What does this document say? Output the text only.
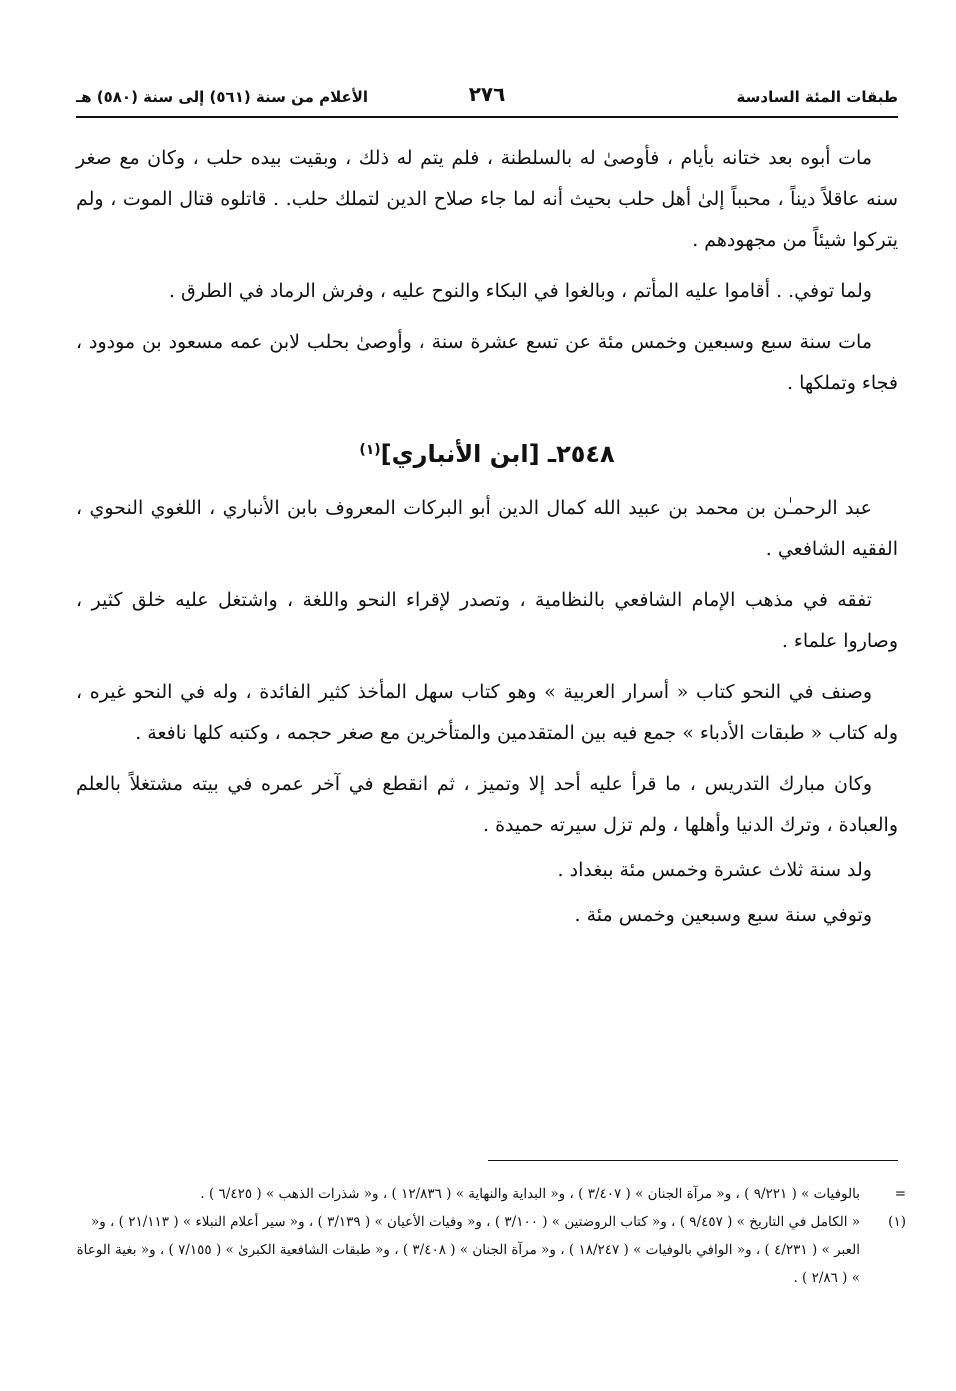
طبقات المئة السادسة
٢٧٦
الأعلام من سنة (٥٦١) إلى سنة (٥٨٠) هـ

مات أبوه بعد ختانه بأيام ، فأوصىٰ له بالسلطنة ، فلم يتم له ذلك ، وبقيت بيده حلب ، وكان مع صغر سنه عاقلاً ديناً ، محبباً إلىٰ أهل حلب بحيث أنه لما جاء صلاح الدين لتملك حلب. . قاتلوه قتال الموت ، ولم يتركوا شيئاً من مجهودهم .

ولما توفي. . أقاموا عليه المأتم ، وبالغوا في البكاء والنوح عليه ، وفرش الرماد في الطرق .

مات سنة سبع وسبعين وخمس مئة عن تسع عشرة سنة ، وأوصىٰ بحلب لابن عمه مسعود بن مودود ، فجاء وتملكها .

٢٥٤٨ـ [ابن الأنباري]$^{(١)}$

عبد الرحمـٰن بن محمد بن عبيد الله كمال الدين أبو البركات المعروف بابن الأنباري ، اللغوي النحوي ، الفقيه الشافعي .

تفقه في مذهب الإمام الشافعي بالنظامية ، وتصدر لإقراء النحو واللغة ، واشتغل عليه خلق كثير ، وصاروا علماء .

وصنف في النحو كتاب « أسرار العربية » وهو كتاب سهل المأخذ كثير الفائدة ، وله في النحو غيره ، وله كتاب « طبقات الأدباء » جمع فيه بين المتقدمين والمتأخرين مع صغر حجمه ، وكتبه كلها نافعة .

وكان مبارك التدريس ، ما قرأ عليه أحد إلا وتميز ، ثم انقطع في آخر عمره في بيته مشتغلاً بالعلم والعبادة ، وترك الدنيا وأهلها ، ولم تزل سيرته حميدة .

ولد سنة ثلاث عشرة وخمس مئة ببغداد .

وتوفي سنة سبع وسبعين وخمس مئة .

=
بالوفيات » ( ٩/٢٢١ ) ، و« مرآة الجنان » ( ٣/٤٠٧ ) ، و« البداية والنهاية » ( ١٢/٨٣٦ ) ، و« شذرات الذهب » ( ٦/٤٢٥ ) .

(١)
« الكامل في التاريخ » ( ٩/٤٥٧ ) ، و« كتاب الروضتين » ( ٣/١٠٠ ) ، و« وفيات الأعيان » ( ٣/١٣٩ ) ، و« سير أعلام النبلاء » ( ٢١/١١٣ ) ، و« العبر » ( ٤/٢٣١ ) ، و« الوافي بالوفيات » ( ١٨/٢٤٧ ) ، و« مرآة الجنان » ( ٣/٤٠٨ ) ، و« طبقات الشافعية الكبرىٰ » ( ٧/١٥٥ ) ، و« بغية الوعاة » ( ٢/٨٦ ) .
